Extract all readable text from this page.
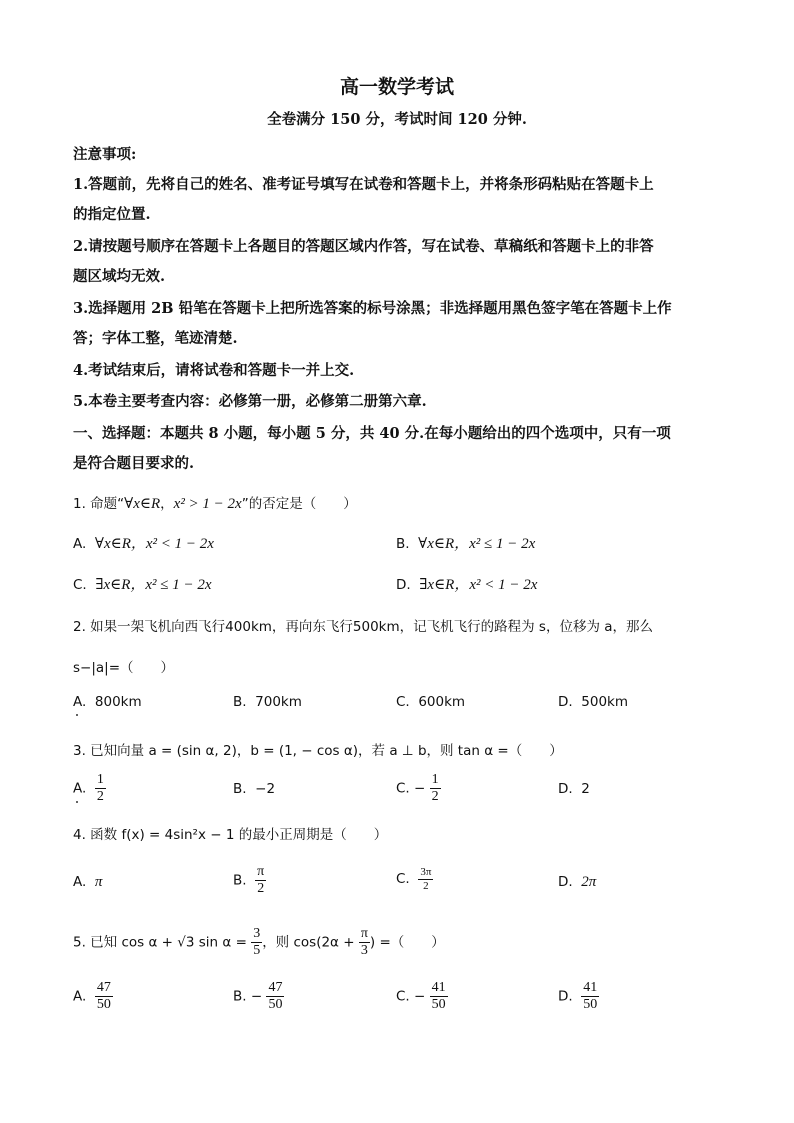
高一数学考试
全卷满分 150 分，考试时间 120 分钟.
注意事项:
1.答题前，先将自己的姓名、准考证号填写在试卷和答题卡上，并将条形码粘贴在答题卡上
的指定位置.
2.请按题号顺序在答题卡上各题目的答题区域内作答，写在试卷、草稿纸和答题卡上的非答
题区域均无效.
3.选择题用 2B 铅笔在答题卡上把所选答案的标号涂黑；非选择题用黑色签字笔在答题卡上作
答；字体工整，笔迹清楚.
4.考试结束后，请将试卷和答题卡一并上交.
5.本卷主要考查内容：必修第一册，必修第二册第六章.
一、选择题：本题共 8 小题，每小题 5 分，共 40 分.在每小题给出的四个选项中，只有一项
是符合题目要求的.
1. 命题“∀x∈R，x² > 1 − 2x”的否定是（　　）
A. ∀x∈R，x² < 1 − 2x	B. ∀x∈R，x² ≤ 1 − 2x
C. ∃x∈R，x² ≤ 1 − 2x	D. ∃x∈R，x² < 1 − 2x
2. 如果一架飞机向西飞行400km，再向东飞行500km，记飞机飞行的路程为 s，位移为 a，那么
s−|a|=（　　）
A. 800km	B. 700km	C. 600km	D. 500km
3. 已知向量 a = (sin α, 2)，b = (1, − cos α)，若 a ⊥ b，则 tan α =（　　）
A. $\frac{1}{2}$	B. −2	C. − $\frac{1}{2}$	D. 2
4. 函数 f(x) = 4sin²x − 1 的最小正周期是（　　）
A. π	B. $\frac{\pi}{2}$	C. $\frac{3\pi}{2}$	D. 2π
5. 已知 cos α + √3 $\sin \alpha = \frac{3}{5}$ ，则 $\cos(2\alpha + \frac{\pi}{3}$ ) =（　　）
A. $\frac{47}{50}$	B. − $\frac{47}{50}$	C. − $\frac{41}{50}$	D. $\frac{41}{50}$
